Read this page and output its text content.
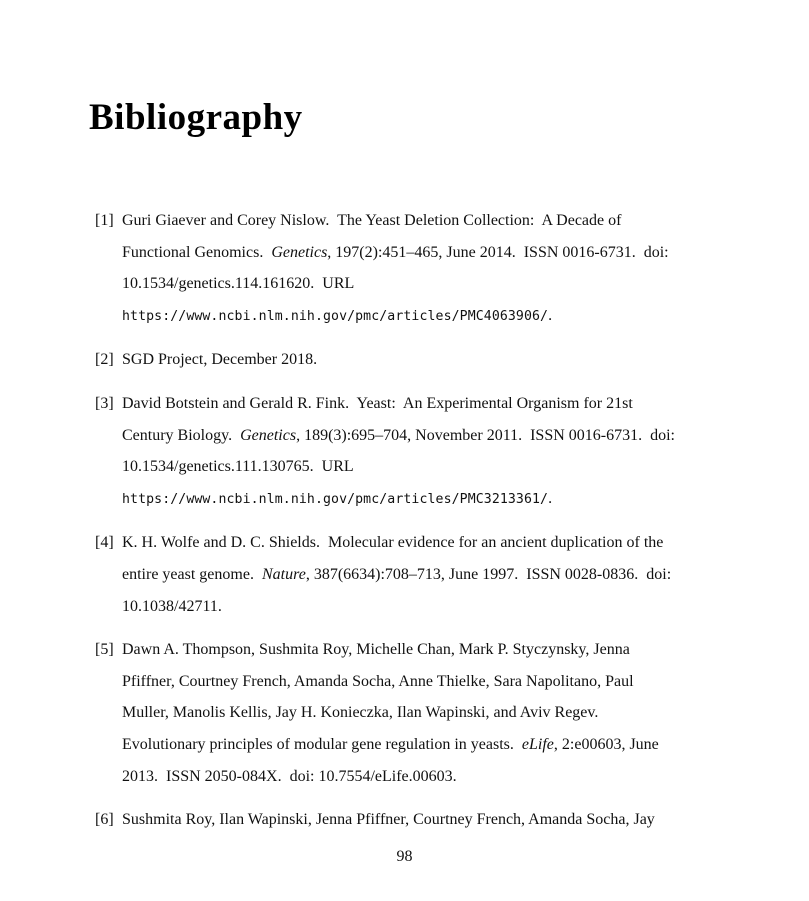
Bibliography
[1] Guri Giaever and Corey Nislow.  The Yeast Deletion Collection:  A Decade of
Functional Genomics.  Genetics, 197(2):451–465, June 2014.  ISSN 0016-6731.  doi:
10.1534/genetics.114.161620.  URL
https://www.ncbi.nlm.nih.gov/pmc/articles/PMC4063906/.
[2] SGD Project, December 2018.
[3] David Botstein and Gerald R. Fink.  Yeast:  An Experimental Organism for 21st
Century Biology.  Genetics, 189(3):695–704, November 2011.  ISSN 0016-6731.  doi:
10.1534/genetics.111.130765.  URL
https://www.ncbi.nlm.nih.gov/pmc/articles/PMC3213361/.
[4] K. H. Wolfe and D. C. Shields.  Molecular evidence for an ancient duplication of the
entire yeast genome.  Nature, 387(6634):708–713, June 1997.  ISSN 0028-0836.  doi:
10.1038/42711.
[5] Dawn A. Thompson, Sushmita Roy, Michelle Chan, Mark P. Styczynsky, Jenna
Pfiffner, Courtney French, Amanda Socha, Anne Thielke, Sara Napolitano, Paul
Muller, Manolis Kellis, Jay H. Konieczka, Ilan Wapinski, and Aviv Regev.
Evolutionary principles of modular gene regulation in yeasts.  eLife, 2:e00603, June
2013.  ISSN 2050-084X.  doi: 10.7554/eLife.00603.
[6] Sushmita Roy, Ilan Wapinski, Jenna Pfiffner, Courtney French, Amanda Socha, Jay
98
